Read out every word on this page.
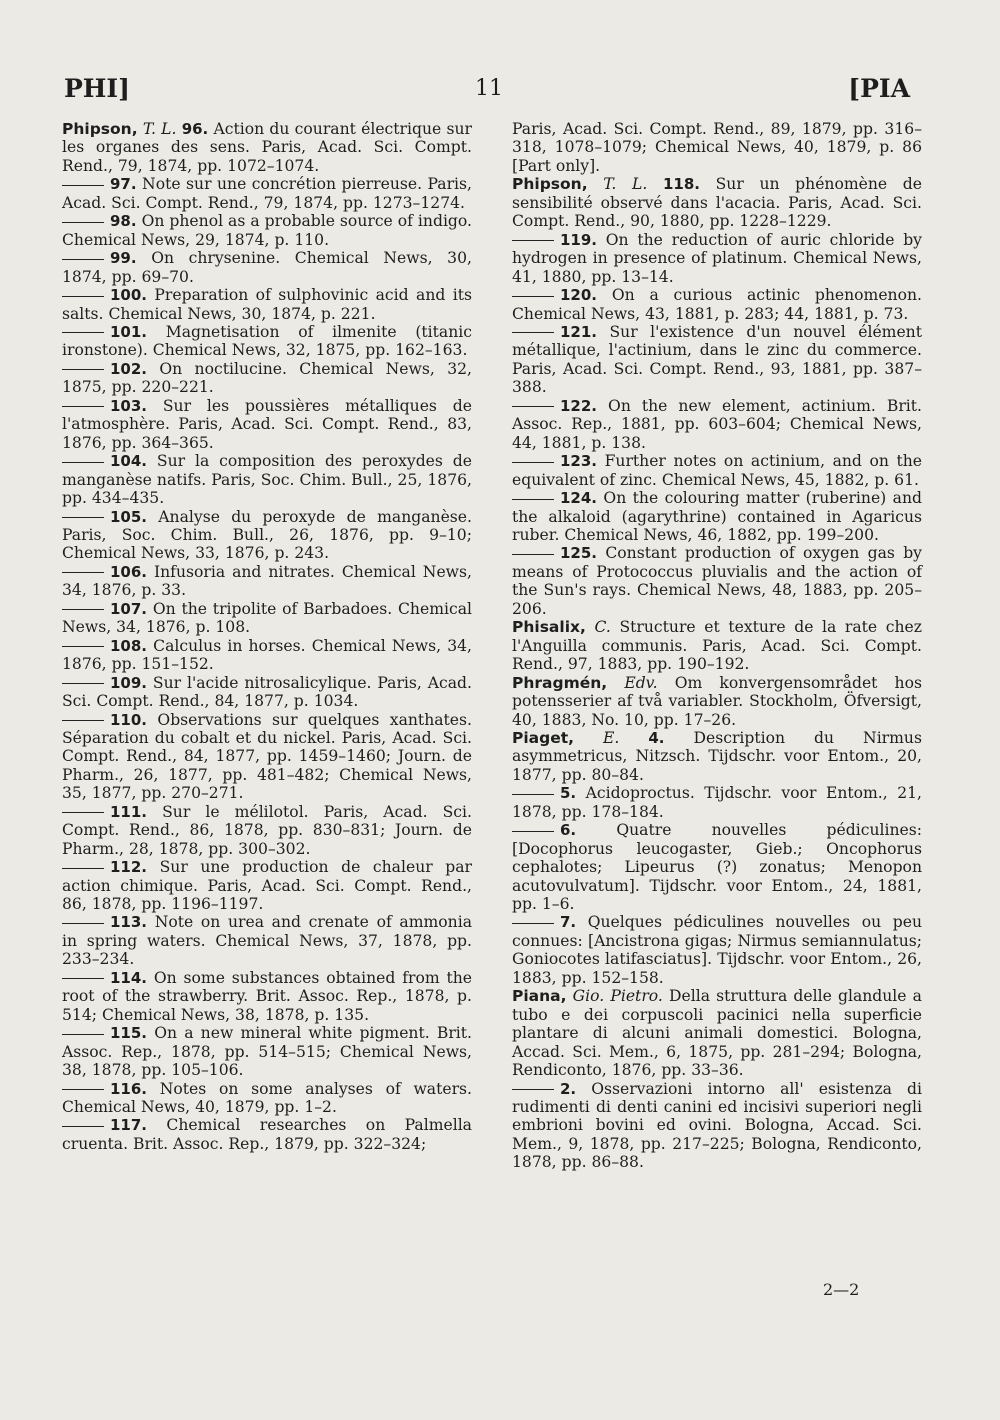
PHI]	11	[PIA
Phipson, T. L. 96. Action du courant électrique sur les organes des sens. Paris, Acad. Sci. Compt. Rend., 79, 1874, pp. 1072–1074.
97. Note sur une concrétion pierreuse. Paris, Acad. Sci. Compt. Rend., 79, 1874, pp. 1273–1274.
98. On phenol as a probable source of indigo. Chemical News, 29, 1874, p. 110.
99. On chrysenine. Chemical News, 30, 1874, pp. 69–70.
100. Preparation of sulphovinic acid and its salts. Chemical News, 30, 1874, p. 221.
101. Magnetisation of ilmenite (titanic ironstone). Chemical News, 32, 1875, pp. 162–163.
102. On noctilucine. Chemical News, 32, 1875, pp. 220–221.
103. Sur les poussières métalliques de l'atmosphère. Paris, Acad. Sci. Compt. Rend., 83, 1876, pp. 364–365.
104. Sur la composition des peroxydes de manganèse natifs. Paris, Soc. Chim. Bull., 25, 1876, pp. 434–435.
105. Analyse du peroxyde de manganèse. Paris, Soc. Chim. Bull., 26, 1876, pp. 9–10; Chemical News, 33, 1876, p. 243.
106. Infusoria and nitrates. Chemical News, 34, 1876, p. 33.
107. On the tripolite of Barbadoes. Chemical News, 34, 1876, p. 108.
108. Calculus in horses. Chemical News, 34, 1876, pp. 151–152.
109. Sur l'acide nitrosalicylique. Paris, Acad. Sci. Compt. Rend., 84, 1877, p. 1034.
110. Observations sur quelques xanthates. Séparation du cobalt et du nickel. Paris, Acad. Sci. Compt. Rend., 84, 1877, pp. 1459–1460; Journ. de Pharm., 26, 1877, pp. 481–482; Chemical News, 35, 1877, pp. 270–271.
111. Sur le mélilotol. Paris, Acad. Sci. Compt. Rend., 86, 1878, pp. 830–831; Journ. de Pharm., 28, 1878, pp. 300–302.
112. Sur une production de chaleur par action chimique. Paris, Acad. Sci. Compt. Rend., 86, 1878, pp. 1196–1197.
113. Note on urea and crenate of ammonia in spring waters. Chemical News, 37, 1878, pp. 233–234.
114. On some substances obtained from the root of the strawberry. Brit. Assoc. Rep., 1878, p. 514; Chemical News, 38, 1878, p. 135.
115. On a new mineral white pigment. Brit. Assoc. Rep., 1878, pp. 514–515; Chemical News, 38, 1878, pp. 105–106.
116. Notes on some analyses of waters. Chemical News, 40, 1879, pp. 1–2.
117. Chemical researches on Palmella cruenta. Brit. Assoc. Rep., 1879, pp. 322–324;
Paris, Acad. Sci. Compt. Rend., 89, 1879, pp. 316–318, 1078–1079; Chemical News, 40, 1879, p. 86 [Part only].
Phipson, T. L. 118. Sur un phénomène de sensibilité observé dans l'acacia. Paris, Acad. Sci. Compt. Rend., 90, 1880, pp. 1228–1229.
119. On the reduction of auric chloride by hydrogen in presence of platinum. Chemical News, 41, 1880, pp. 13–14.
120. On a curious actinic phenomenon. Chemical News, 43, 1881, p. 283; 44, 1881, p. 73.
121. Sur l'existence d'un nouvel élément métallique, l'actinium, dans le zinc du commerce. Paris, Acad. Sci. Compt. Rend., 93, 1881, pp. 387–388.
122. On the new element, actinium. Brit. Assoc. Rep., 1881, pp. 603–604; Chemical News, 44, 1881, p. 138.
123. Further notes on actinium, and on the equivalent of zinc. Chemical News, 45, 1882, p. 61.
124. On the colouring matter (ruberine) and the alkaloid (agarythrine) contained in Agaricus ruber. Chemical News, 46, 1882, pp. 199–200.
125. Constant production of oxygen gas by means of Protococcus pluvialis and the action of the Sun's rays. Chemical News, 48, 1883, pp. 205–206.
Phisalix, C. Structure et texture de la rate chez l'Anguilla communis. Paris, Acad. Sci. Compt. Rend., 97, 1883, pp. 190–192.
Phragmén, Edv. Om konvergensområdet hos potensserier af två variabler. Stockholm, Öfversigt, 40, 1883, No. 10, pp. 17–26.
Piaget, E. 4. Description du Nirmus asymmetricus, Nitzsch. Tijdschr. voor Entom., 20, 1877, pp. 80–84.
5. Acidoproctus. Tijdschr. voor Entom., 21, 1878, pp. 178–184.
6.	Quatre nouvelles pédiculines: [Docophorus leucogaster, Gieb.; Oncophorus cephalotes; Lipeurus (?) zonatus; Menopon acutovulvatum]. Tijdschr. voor Entom., 24, 1881, pp. 1–6.
7. Quelques pédiculines nouvelles ou peu connues: [Ancistrona gigas; Nirmus semiannulatus; Goniocotes latifasciatus]. Tijdschr. voor Entom., 26, 1883, pp. 152–158.
Piana, Gio. Pietro. Della struttura delle glandule a tubo e dei corpuscoli pacinici nella superficie plantare di alcuni animali domestici. Bologna, Accad. Sci. Mem., 6, 1875, pp. 281–294; Bologna, Rendiconto, 1876, pp. 33–36.
2. Osservazioni intorno all' esistenza di rudimenti di denti canini ed incisivi superiori negli embrioni bovini ed ovini. Bologna, Accad. Sci. Mem., 9, 1878, pp. 217–225; Bologna, Rendiconto, 1878, pp. 86–88.
2—2
